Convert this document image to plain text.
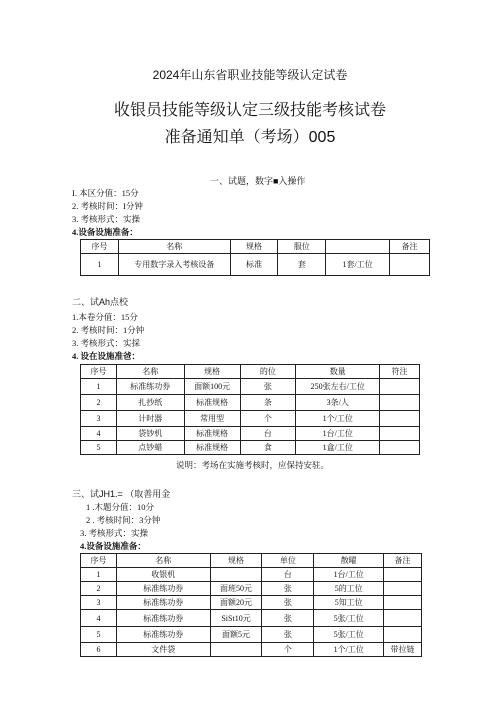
2024年山东省职业技能等级认定试卷
收银员技能等级认定三级技能考核试卷
准备通知单（考场）005
一、试题，数字■入操作
I. 本区分值：15分
2. 考核时间：I分钟
3. 考核形式：实操
4.设备设施准备：
序号	名称	规格	服位		备注
1	专用数字录入考核设备	标准	套	1套/工位	
二、试Ah点校
1.本卷分值：15分
2. 考核时间：1分钟
3. 考核形式：实採
4. 设在设施准爸：
序号	名称	规格	的位	数量	符注
1	标准练功券	面额100元	张	250张左右/工位	
2	扎抄纸	标准规格	条	3条/人	
3	计时器	常用型	个	1个/工位	
4	袋钞机	标准规格	台	1台/工位	
5	点钞蜡	标准规格	食	1盒/工位	
说明：考场在实施考核时，应保持安驻。
三、试JH1.= （取善用金
1 .木题分值：10分
2 . 考核时间：3分钟
3. 考核形式：实操
4.设备设施准备：
序号	名称	规格	单位	散曜	备注
1	收银机		台	1台/工位	
2	标准练功券	面班50元	张	5的工位	
3	标准练功券	面额20元	张	5知工位	
4	标准练功券	SiSt10元	张	5张/工位	
5	标准练功券	面额5元	张	5张/工位	
6	文件袋		个	1个/工位	带拉链
